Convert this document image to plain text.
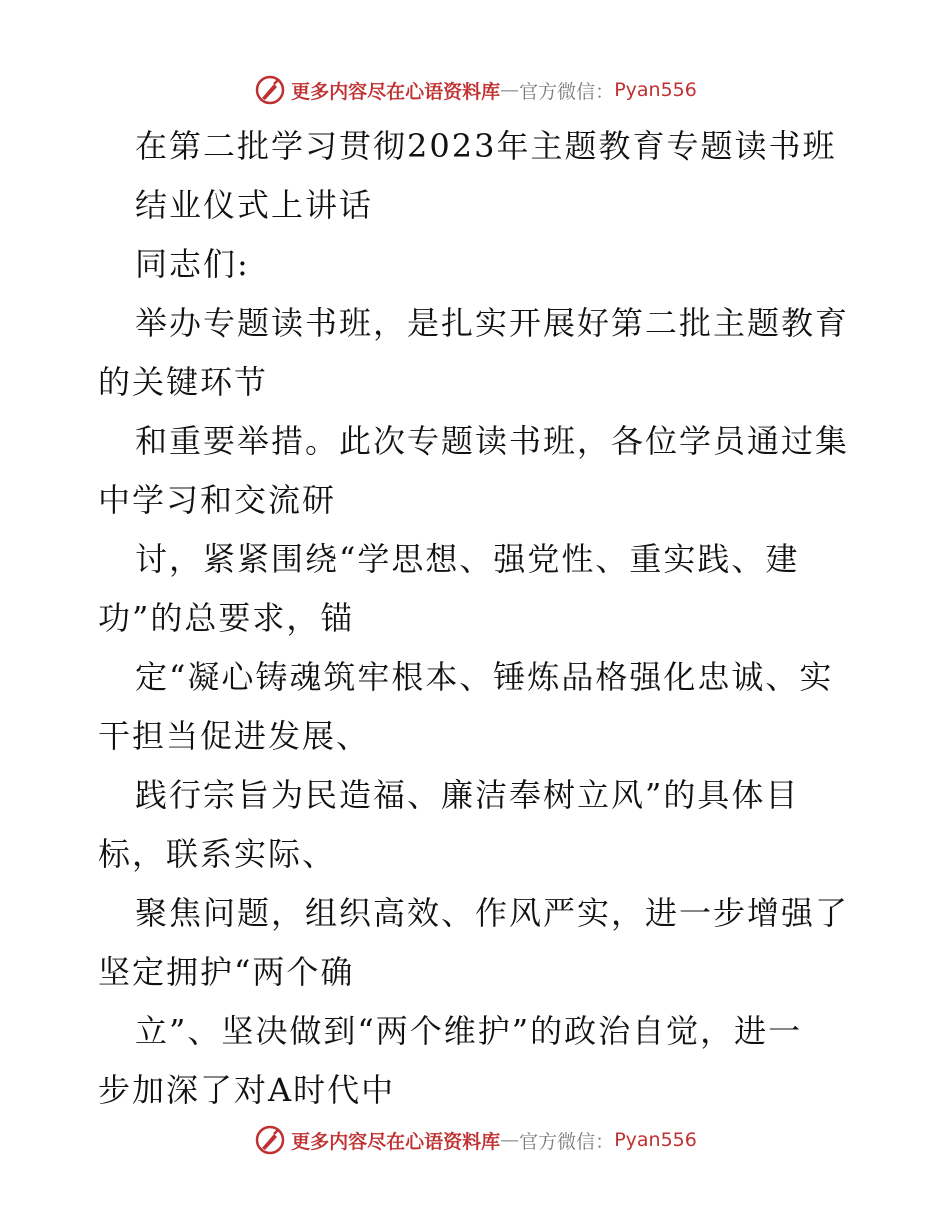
更多内容尽在心语资料库 — 官方微信： Pyan556
在第二批学习贯彻2023年主题教育专题读书班
结业仪式上讲话
同志们:
举办专题读书班，是扎实开展好第二批主题教育
的关键环节
和重要举措。此次专题读书班，各位学员通过集
中学习和交流研
讨，紧紧围绕“学思想、强党性、重实践、建
功”的总要求，锚
定“凝心铸魂筑牢根本、锤炼品格强化忠诚、实
干担当促进发展、
践行宗旨为民造福、廉洁奉树立风”的具体目
标，联系实际、
聚焦问题，组织高效、作风严实，进一步增强了
坚定拥护“两个确
立”、坚决做到“两个维护”的政治自觉，进一
步加深了对A时代中
更多内容尽在心语资料库 — 官方微信： Pyan556
